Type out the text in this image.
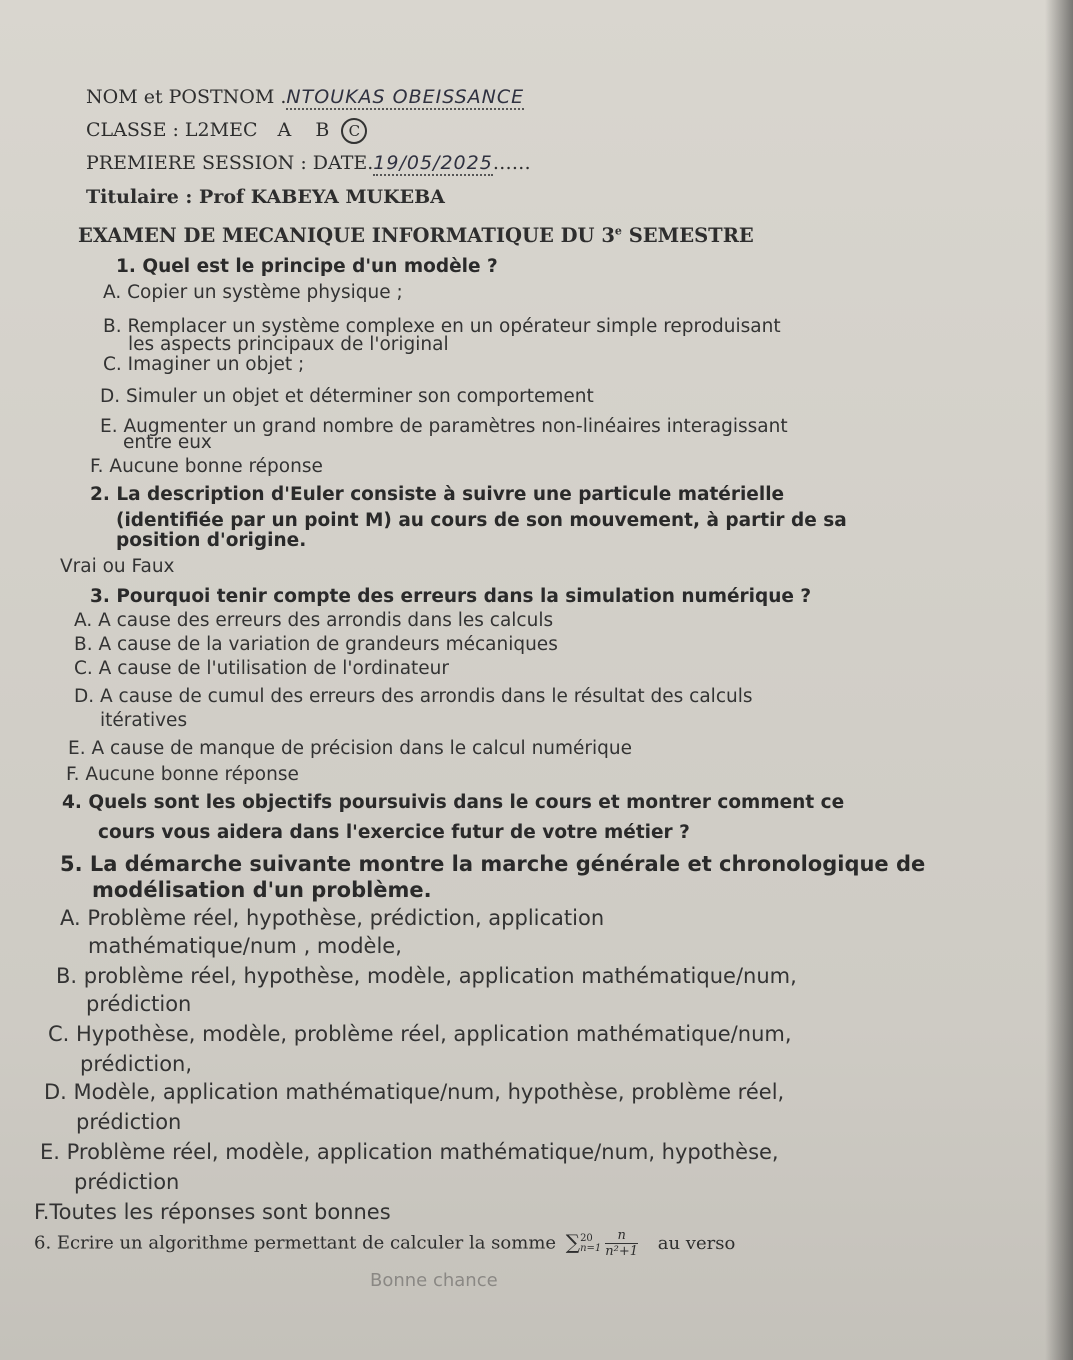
NOM et POSTNOM .NTOUKAS OBEISSANCE
CLASSE : L2MEC A B C
PREMIERE SESSION : DATE.19/05/2025……
Titulaire : Prof KABEYA MUKEBA
EXAMEN DE MECANIQUE INFORMATIQUE DU 3e SEMESTRE
1. Quel est le principe d'un modèle ?
A. Copier un système physique ;
B. Remplacer un système complexe en un opérateur simple reproduisant
les aspects principaux de l'original
C. Imaginer un objet ;
D. Simuler un objet et déterminer son comportement
E. Augmenter un grand nombre de paramètres non-linéaires interagissant
entre eux
F. Aucune bonne réponse
2. La description d'Euler consiste à suivre une particule matérielle
(identifiée par un point M) au cours de son mouvement, à partir de sa
position d'origine.
Vrai ou Faux
3. Pourquoi tenir compte des erreurs dans la simulation numérique ?
A. A cause des erreurs des arrondis dans les calculs
B. A cause de la variation de grandeurs mécaniques
C. A cause de l'utilisation de l'ordinateur
D. A cause de cumul des erreurs des arrondis dans le résultat des calculs
itératives
E. A cause de manque de précision dans le calcul numérique
F. Aucune bonne réponse
4. Quels sont les objectifs poursuivis dans le cours et montrer comment ce
cours vous aidera dans l'exercice futur de votre métier ?
5. La démarche suivante montre la marche générale et chronologique de
modélisation d'un problème.
A. Problème réel, hypothèse, prédiction, application
mathématique/num , modèle,
B. problème réel, hypothèse, modèle, application mathématique/num,
prédiction
C. Hypothèse, modèle, problème réel, application mathématique/num,
prédiction,
D. Modèle, application mathématique/num, hypothèse, problème réel,
prédiction
E. Problème réel, modèle, application mathématique/num, hypothèse,
prédiction
F.Toutes les réponses sont bonnes
6. Ecrire un algorithme permettant de calculer la somme ∑ 20
$n=1 \frac{n}{\text{n²+1}}$ au verso
Bonne chance
